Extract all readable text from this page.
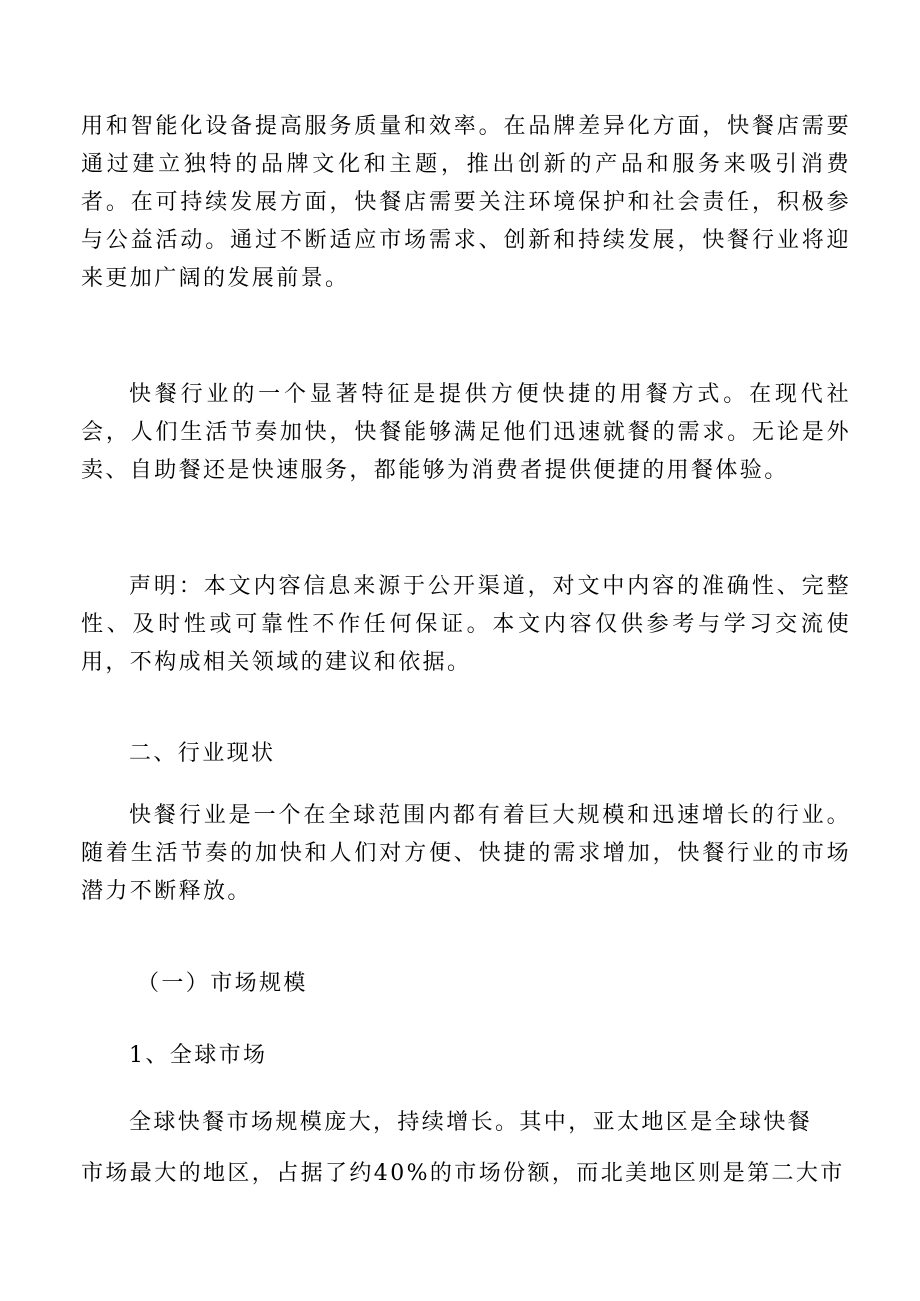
用和智能化设备提高服务质量和效率。在品牌差异化方面，快餐店需要通过建立独特的品牌文化和主题，推出创新的产品和服务来吸引消费者。在可持续发展方面，快餐店需要关注环境保护和社会责任，积极参与公益活动。通过不断适应市场需求、创新和持续发展，快餐行业将迎来更加广阔的发展前景。

快餐行业的一个显著特征是提供方便快捷的用餐方式。在现代社会，人们生活节奏加快，快餐能够满足他们迅速就餐的需求。无论是外卖、自助餐还是快速服务，都能够为消费者提供便捷的用餐体验。

声明：本文内容信息来源于公开渠道，对文中内容的准确性、完整性、及时性或可靠性不作任何保证。本文内容仅供参考与学习交流使用，不构成相关领域的建议和依据。

二、行业现状

快餐行业是一个在全球范围内都有着巨大规模和迅速增长的行业。随着生活节奏的加快和人们对方便、快捷的需求增加，快餐行业的市场潜力不断释放。

（一）市场规模
1、全球市场

全球快餐市场规模庞大，持续增长。其中，亚太地区是全球快餐

市场最大的地区，占据了约40%的市场份额，而北美地区则是第二大市
